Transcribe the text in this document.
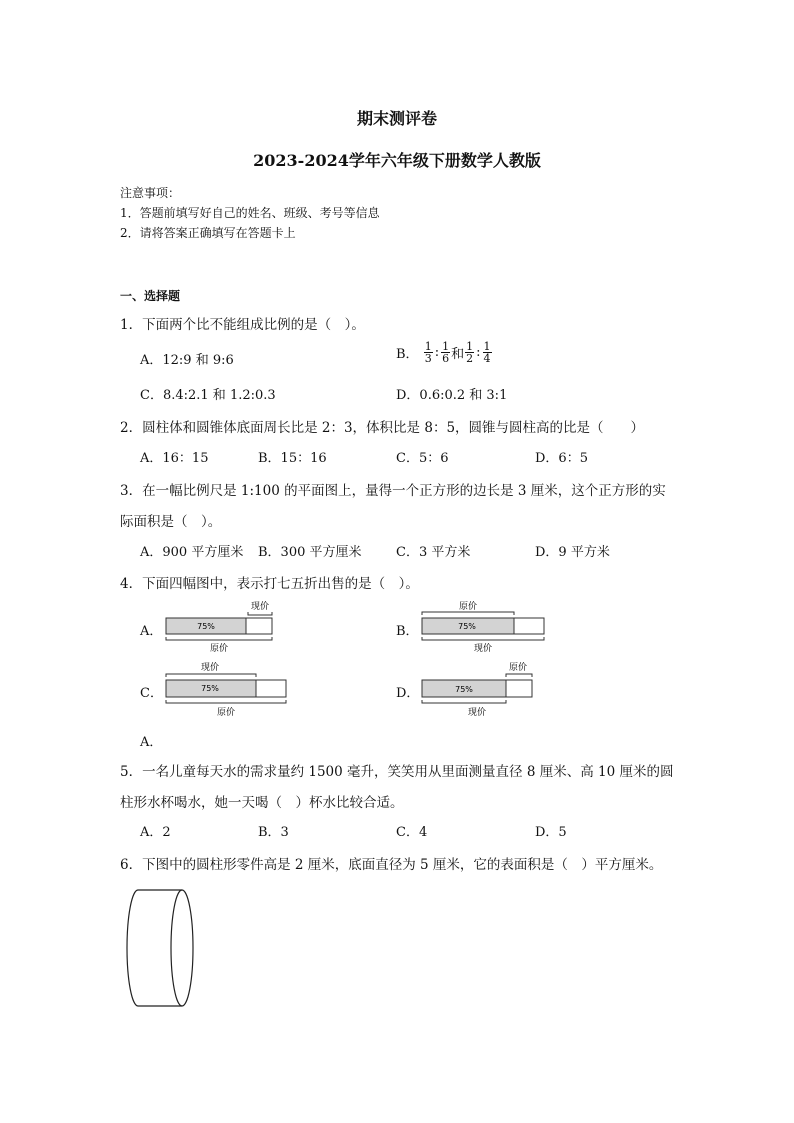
期末测评卷
2023-2024学年六年级下册数学人教版
注意事项：
1．答题前填写好自己的姓名、班级、考号等信息
2．请将答案正确填写在答题卡上
一、选择题
1．下面两个比不能组成比例的是（　）。
A．12:9 和 9:6	B． $\frac{1}{3}$ : $\frac{1}{6}$ 和 $\frac{1}{2}$ : $\frac{1}{4}$
C．8.4:2.1 和 1.2:0.3	D．0.6:0.2 和 3:1
2．圆柱体和圆锥体底面周长比是 2：3，体积比是 8：5，圆锥与圆柱高的比是（　　）
A．16：15	B．15：16	C．5：6	D．6：5
3．在一幅比例尺是 1:100 的平面图上，量得一个正方形的边长是 3 厘米，这个正方形的实
际面积是（　）。
A．900 平方厘米 B．300 平方厘米	C．3 平方米	D．9 平方米
4．下面四幅图中，表示打七五折出售的是（　）。
A．
现价
75%
原价
B．
原价
75%
现价
C．
现价
75%
原价
D．
原价
75%
现价
A．
5．一名儿童每天水的需求量约 1500 毫升，笑笑用从里面测量直径 8 厘米、高 10 厘米的圆
柱形水杯喝水，她一天喝（　）杯水比较合适。
A．2	B．3	C．4	D．5
6．下图中的圆柱形零件高是 2 厘米，底面直径为 5 厘米，它的表面积是（　）平方厘米。
